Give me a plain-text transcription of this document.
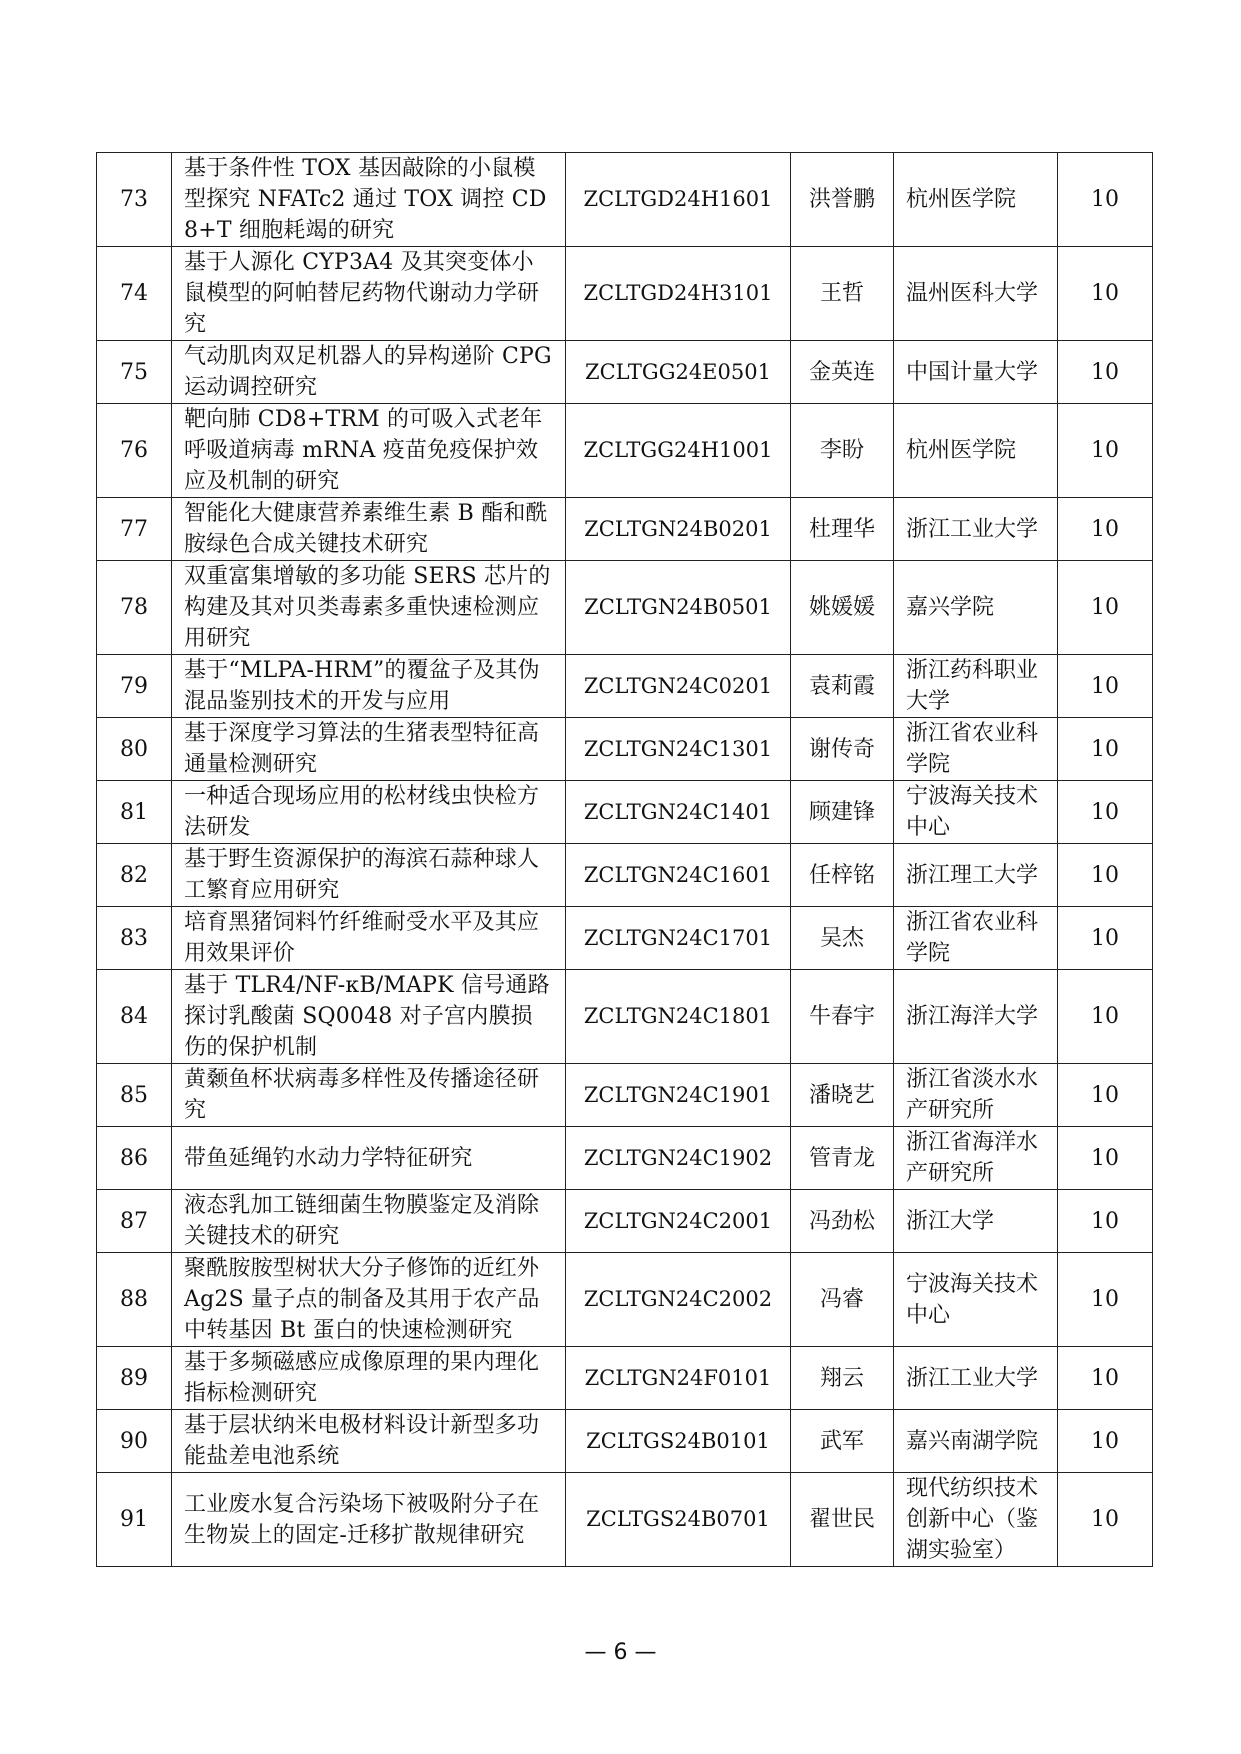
73	基于条件性 TOX 基因敲除的小鼠模型探究 NFATc2 通过 TOX 调控 CD8+T 细胞耗竭的研究	ZCLTGD24H1601	洪誉鹏	杭州医学院	10
74	基于人源化 CYP3A4 及其突变体小鼠模型的阿帕替尼药物代谢动力学研究	ZCLTGD24H3101	王哲	温州医科大学	10
75	气动肌肉双足机器人的异构递阶 CPG 运动调控研究	ZCLTGG24E0501	金英连	中国计量大学	10
76	靶向肺 CD8+TRM 的可吸入式老年呼吸道病毒 mRNA 疫苗免疫保护效应及机制的研究	ZCLTGG24H1001	李盼	杭州医学院	10
77	智能化大健康营养素维生素 B 酯和酰胺绿色合成关键技术研究	ZCLTGN24B0201	杜理华	浙江工业大学	10
78	双重富集增敏的多功能 SERS 芯片的构建及其对贝类毒素多重快速检测应用研究	ZCLTGN24B0501	姚媛媛	嘉兴学院	10
79	基于“MLPA-HRM”的覆盆子及其伪混品鉴别技术的开发与应用	ZCLTGN24C0201	袁莉霞	浙江药科职业大学	10
80	基于深度学习算法的生猪表型特征高通量检测研究	ZCLTGN24C1301	谢传奇	浙江省农业科学院	10
81	一种适合现场应用的松材线虫快检方法研发	ZCLTGN24C1401	顾建锋	宁波海关技术中心	10
82	基于野生资源保护的海滨石蒜种球人工繁育应用研究	ZCLTGN24C1601	任梓铭	浙江理工大学	10
83	培育黑猪饲料竹纤维耐受水平及其应用效果评价	ZCLTGN24C1701	吴杰	浙江省农业科学院	10
84	基于 TLR4/NF-κB/MAPK 信号通路探讨乳酸菌 SQ0048 对子宫内膜损伤的保护机制	ZCLTGN24C1801	牛春宇	浙江海洋大学	10
85	黄颡鱼杯状病毒多样性及传播途径研究	ZCLTGN24C1901	潘晓艺	浙江省淡水水产研究所	10
86	带鱼延绳钓水动力学特征研究	ZCLTGN24C1902	管青龙	浙江省海洋水产研究所	10
87	液态乳加工链细菌生物膜鉴定及消除关键技术的研究	ZCLTGN24C2001	冯劲松	浙江大学	10
88	聚酰胺胺型树状大分子修饰的近红外 Ag2S 量子点的制备及其用于农产品中转基因 Bt 蛋白的快速检测研究	ZCLTGN24C2002	冯睿	宁波海关技术中心	10
89	基于多频磁感应成像原理的果内理化指标检测研究	ZCLTGN24F0101	翔云	浙江工业大学	10
90	基于层状纳米电极材料设计新型多功能盐差电池系统	ZCLTGS24B0101	武军	嘉兴南湖学院	10
91	工业废水复合污染场下被吸附分子在生物炭上的固定-迁移扩散规律研究	ZCLTGS24B0701	翟世民	现代纺织技术创新中心（鉴湖实验室）	10
— 6 —
